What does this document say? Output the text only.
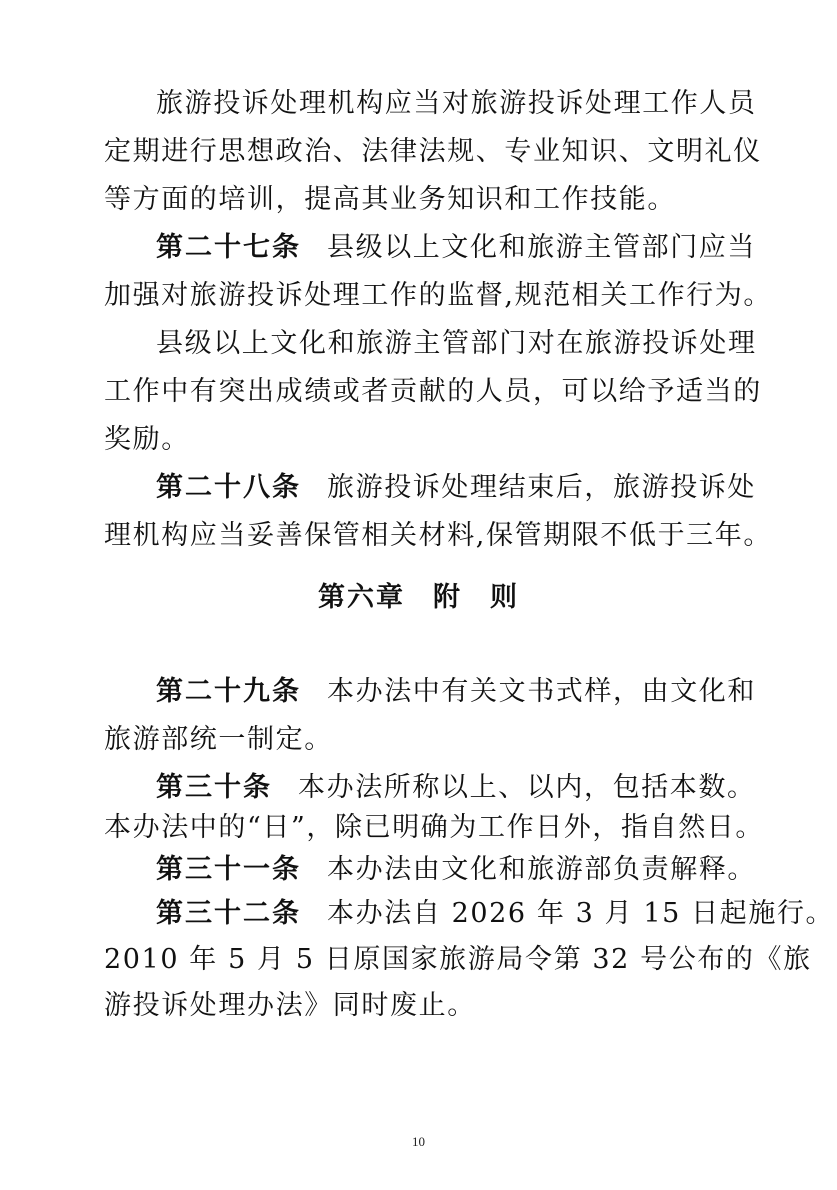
旅游投诉处理机构应当对旅游投诉处理工作人员
定期进行思想政治、法律法规、专业知识、文明礼仪
等方面的培训，提高其业务知识和工作技能。
第二十七条 县级以上文化和旅游主管部门应当
加强对旅游投诉处理工作的监督,规范相关工作行为。
县级以上文化和旅游主管部门对在旅游投诉处理
工作中有突出成绩或者贡献的人员，可以给予适当的
奖励。
第二十八条 旅游投诉处理结束后，旅游投诉处
理机构应当妥善保管相关材料,保管期限不低于三年。
第六章 附 则
第二十九条 本办法中有关文书式样，由文化和
旅游部统一制定。
第三十条 本办法所称以上、以内，包括本数。
本办法中的“日”，除已明确为工作日外，指自然日。
第三十一条 本办法由文化和旅游部负责解释。
第三十二条 本办法自 2026 年 3 月 15 日起施行。
2010 年 5 月 5 日原国家旅游局令第 32 号公布的《旅
游投诉处理办法》同时废止。
10
